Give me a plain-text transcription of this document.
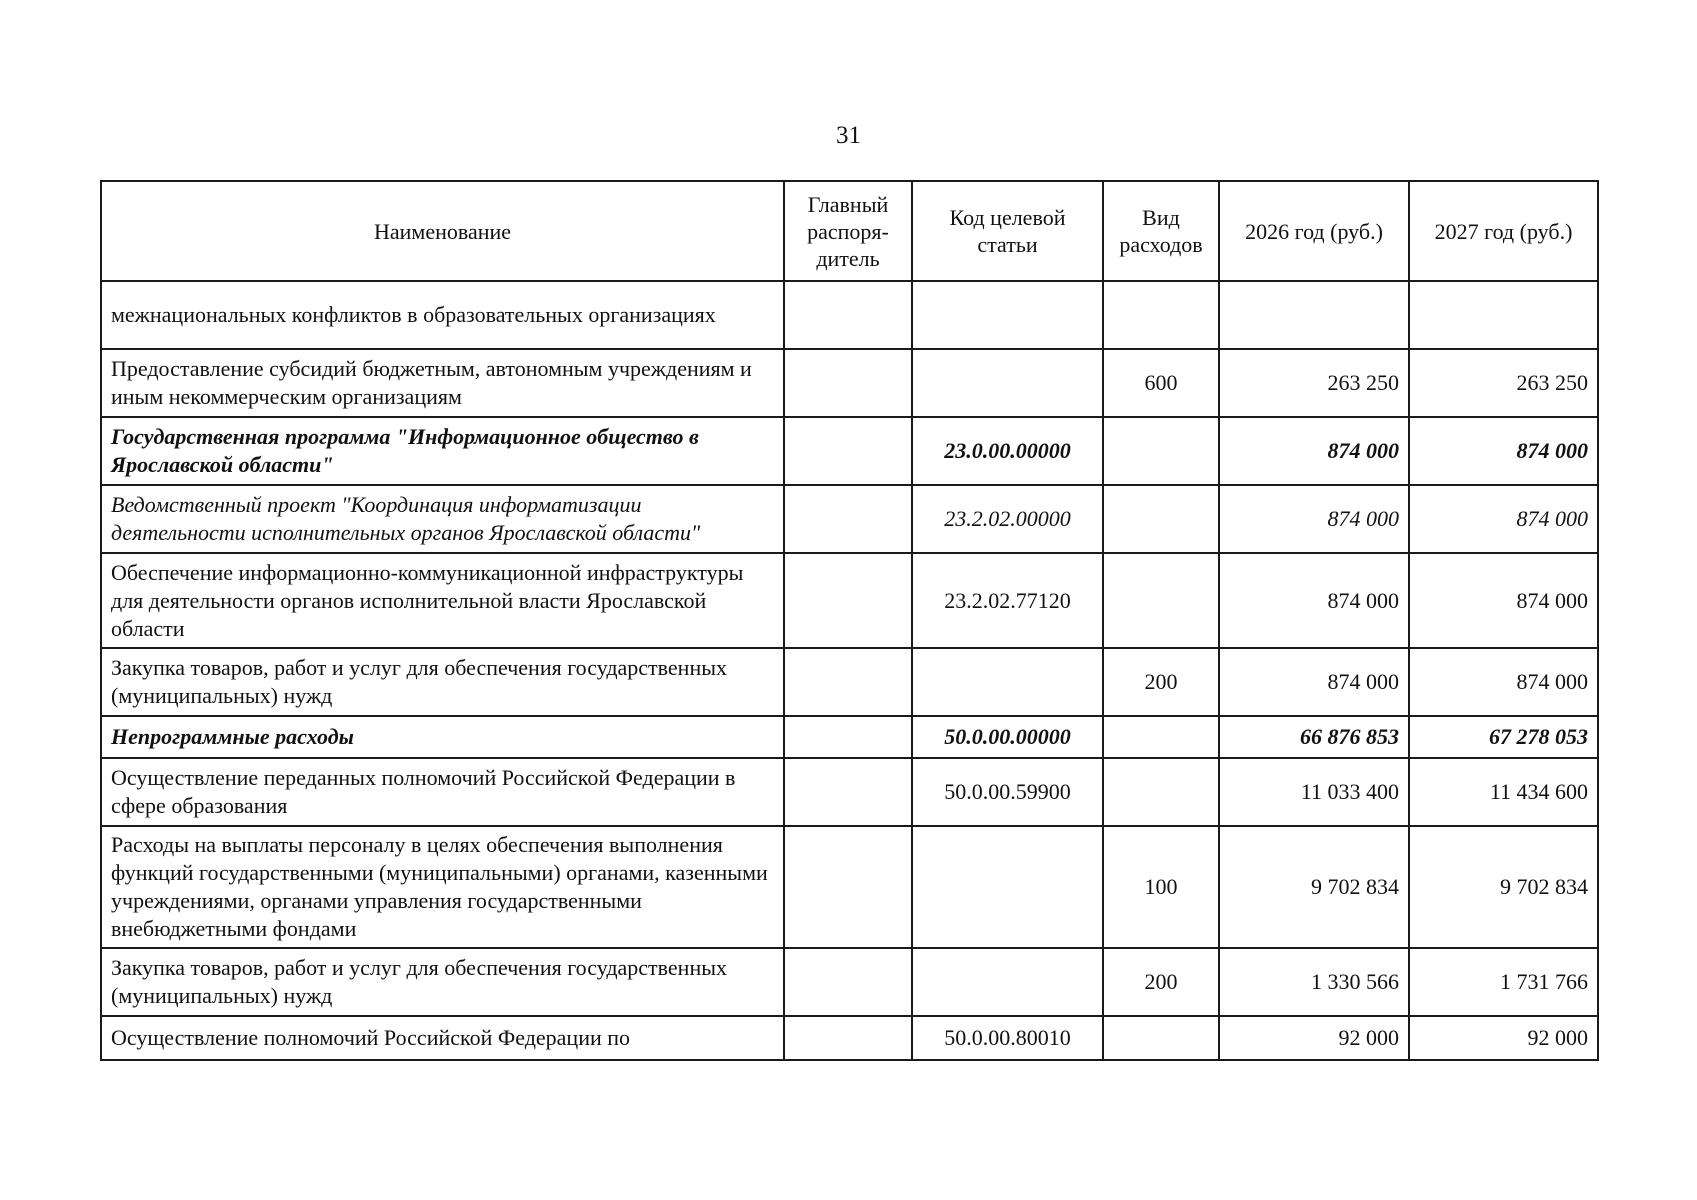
31
Наименование	Главный распоря-дитель	Код целевой статьи	Вид расходов	2026 год (руб.)	2027 год (руб.)
межнациональных конфликтов в образовательных организациях					
Предоставление субсидий бюджетным, автономным учреждениям и иным некоммерческим организациям			600	263 250	263 250
Государственная программа "Информационное общество в Ярославской области"		23.0.00.00000		874 000	874 000
Ведомственный проект "Координация информатизации деятельности исполнительных органов Ярославской области"		23.2.02.00000		874 000	874 000
Обеспечение информационно-коммуникационной инфраструктуры для деятельности органов исполнительной власти Ярославской области		23.2.02.77120		874 000	874 000
Закупка товаров, работ и услуг для обеспечения государственных (муниципальных) нужд			200	874 000	874 000
Непрограммные расходы		50.0.00.00000		66 876 853	67 278 053
Осуществление переданных полномочий Российской Федерации в сфере образования		50.0.00.59900		11 033 400	11 434 600
Расходы на выплаты персоналу в целях обеспечения выполнения функций государственными (муниципальными) органами, казенными учреждениями, органами управления государственными внебюджетными фондами			100	9 702 834	9 702 834
Закупка товаров, работ и услуг для обеспечения государственных (муниципальных) нужд			200	1 330 566	1 731 766
Осуществление полномочий Российской Федерации по		50.0.00.80010		92 000	92 000
